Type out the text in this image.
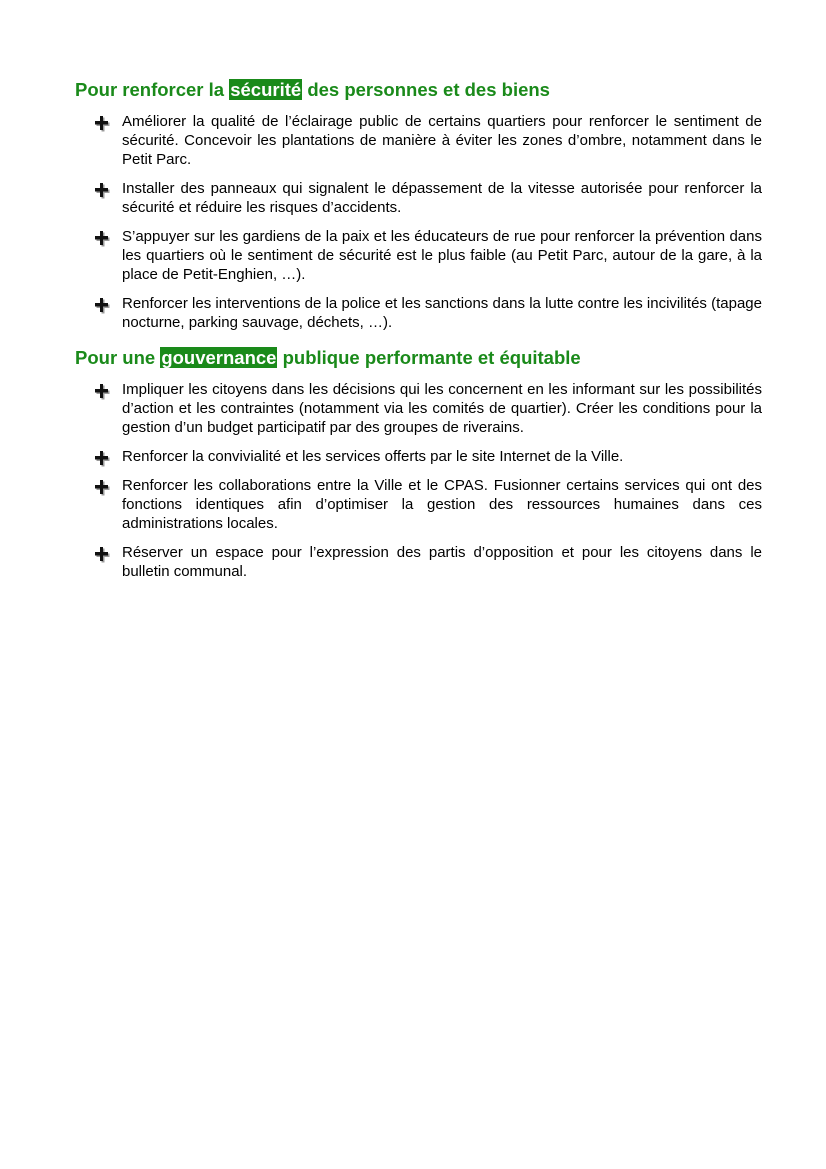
Pour renforcer la sécurité des personnes et des biens
Améliorer la qualité de l’éclairage public de certains quartiers pour renforcer le sentiment de sécurité. Concevoir les plantations de manière à éviter les zones d’ombre, notamment dans le Petit Parc.
Installer des panneaux qui signalent le dépassement de la vitesse autorisée pour renforcer la sécurité et réduire les risques d’accidents.
S’appuyer sur les gardiens de la paix et les éducateurs de rue pour renforcer la prévention dans les quartiers où le sentiment de sécurité est le plus faible (au Petit Parc, autour de la gare, à la place de Petit-Enghien, …).
Renforcer les interventions de la police et les sanctions dans la lutte contre les incivilités (tapage nocturne, parking sauvage, déchets, …).
Pour une gouvernance publique performante et équitable
Impliquer les citoyens dans les décisions qui les concernent en les informant sur les possibilités d’action et les contraintes (notamment via les comités de quartier). Créer les conditions pour la gestion d’un budget participatif par des groupes de riverains.
Renforcer la convivialité et les services offerts par le site Internet de la Ville.
Renforcer les collaborations entre la Ville et le CPAS. Fusionner certains services qui ont des fonctions identiques afin d’optimiser la gestion des ressources humaines dans ces administrations locales.
Réserver un espace pour l’expression des partis d’opposition et pour les citoyens dans le bulletin communal.
